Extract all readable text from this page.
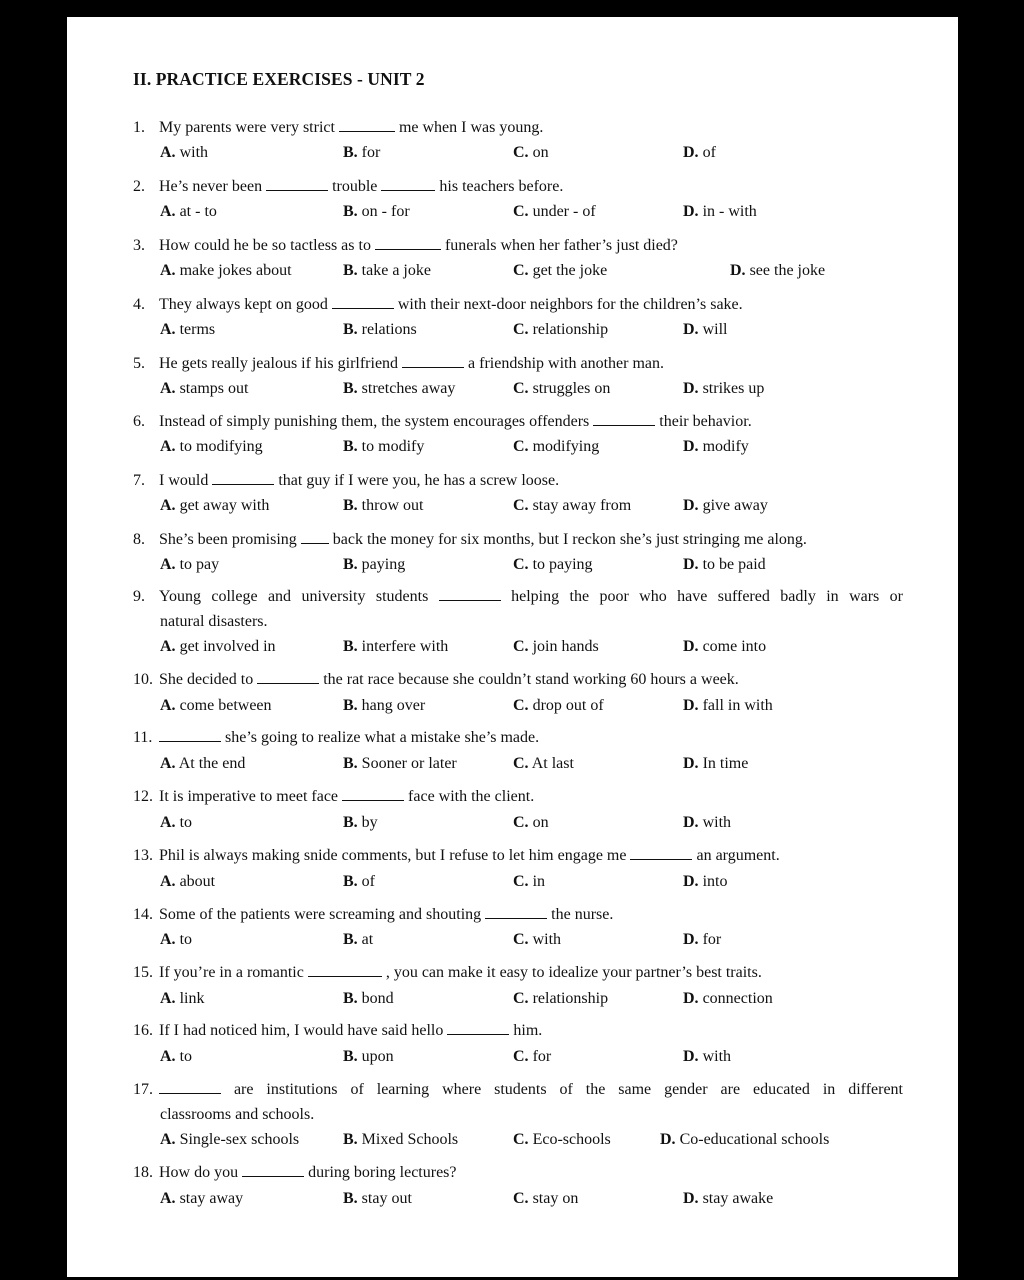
II. PRACTICE EXERCISES - UNIT 2
1. My parents were very strict	me when I was young.
A. with	B. for	C. on	D. of
2. He’s never been	trouble	his teachers before.
A. at - to	B. on - for	C. under - of	D. in - with
3. How could he be so tactless as to	funerals when her father’s just died?
A. make jokes about	B. take a joke	C. get the joke	D. see the joke
4. They always kept on good	with their next-door neighbors for the children’s sake.
A. terms	B. relations	C. relationship	D. will
5. He gets really jealous if his girlfriend	a friendship with another man.
A. stamps out	B. stretches away	C. struggles on	D. strikes up
6. Instead of simply punishing them, the system encourages offenders	their behavior.
A. to modifying	B. to modify	C. modifying	D. modify
7. I would	that guy if I were you, he has a screw loose.
A. get away with	B. throw out	C. stay away from	D. give away
8. She’s been promising  back the money for six months, but I reckon she’s just stringing me along.
A. to pay	B. paying	C. to paying	D. to be paid
9. Young college and university students	helping the poor who have suffered badly in wars or
natural disasters.
A. get involved in	B. interfere with	C. join hands	D. come into
10. She decided to	the rat race because she couldn’t stand working 60 hours a week.
A. come between	B. hang over	C. drop out of	D. fall in with
11.	she’s going to realize what a mistake she’s made.
A. At the end	B. Sooner or later	C. At last	D. In time
12. It is imperative to meet face	face with the client.
A. to	B. by	C. on	D. with
13. Phil is always making snide comments, but I refuse to let him engage me	an argument.
A. about	B. of	C. in	D. into
14. Some of the patients were screaming and shouting	the nurse.
A. to	B. at	C. with	D. for
15. If you’re in a romantic	, you can make it easy to idealize your partner’s best traits.
A. link	B. bond	C. relationship	D. connection
16. If I had noticed him, I would have said hello	him.
A. to	B. upon	C. for	D. with
17.	are institutions of learning where students of the same gender are educated in different
classrooms and schools.
A. Single-sex schools	B. Mixed Schools	C. Eco-schools	D. Co-educational schools
18. How do you	during boring lectures?
A. stay away	B. stay out	C. stay on	D. stay awake
